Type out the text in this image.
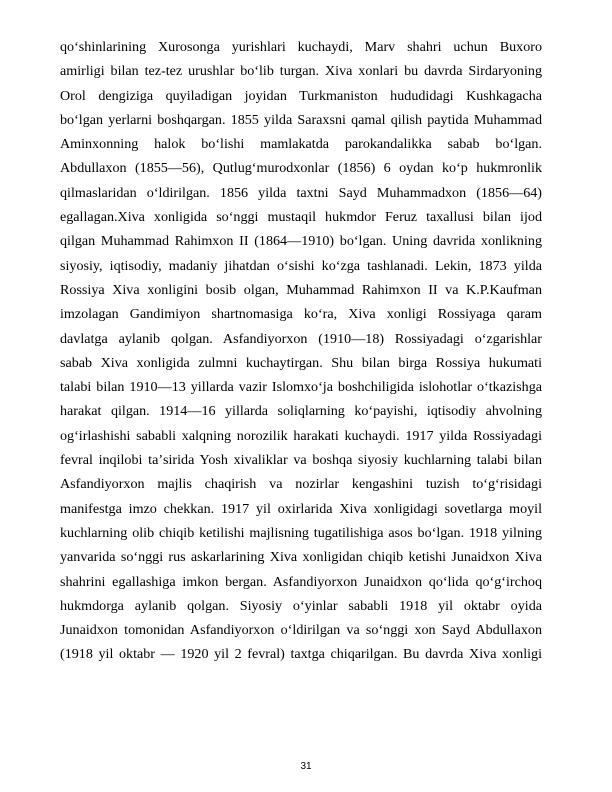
qoʻshinlarining Xurosonga yurishlari kuchaydi, Marv shahri uchun Buxoro
amirligi bilan tez-tez urushlar boʻlib turgan. Xiva xonlari bu davrda Sirdaryoning
Orol dengiziga quyiladigan joyidan Turkmaniston hududidagi Kushkagacha
boʻlgan yerlarni boshqargan. 1855 yilda Saraxsni qamal qilish paytida Muhammad
Aminxonning halok boʻlishi mamlakatda parokandalikka sabab boʻlgan.
Abdullaxon (1855—56), Qutlugʻmurodxonlar (1856) 6 oydan koʻp hukmronlik
qilmaslaridan oʻldirilgan. 1856 yilda taxtni Sayd Muhammadxon (1856—64)
egallagan.Xiva xonligida soʻnggi mustaqil hukmdor Feruz taxallusi bilan ijod
qilgan Muhammad Rahimxon II (1864—1910) boʻlgan. Uning davrida xonlikning
siyosiy, iqtisodiy, madaniy jihatdan oʻsishi koʻzga tashlanadi. Lekin, 1873 yilda
Rossiya Xiva xonligini bosib olgan, Muhammad Rahimxon II va K.P.Kaufman
imzolagan Gandimiyon shartnomasiga koʻra, Xiva xonligi Rossiyaga qaram
davlatga aylanib qolgan. Asfandiyorxon (1910—18) Rossiyadagi oʻzgarishlar
sabab Xiva xonligida zulmni kuchaytirgan. Shu bilan birga Rossiya hukumati
talabi bilan 1910—13 yillarda vazir Islomxoʻja boshchiligida islohotlar oʻtkazishga
harakat qilgan. 1914—16 yillarda soliqlarning koʻpayishi, iqtisodiy ahvolning
ogʻirlashishi sababli xalqning norozilik harakati kuchaydi. 1917 yilda Rossiyadagi
fevral inqilobi taʼsirida Yosh xivaliklar va boshqa siyosiy kuchlarning talabi bilan
Asfandiyorxon majlis chaqirish va nozirlar kengashini tuzish toʻgʻrisidagi
manifestga imzo chekkan. 1917 yil oxirlarida Xiva xonligidagi sovetlarga moyil
kuchlarning olib chiqib ketilishi majlisning tugatilishiga asos boʻlgan. 1918 yilning
yanvarida soʻnggi rus askarlarining Xiva xonligidan chiqib ketishi Junaidxon Xiva
shahrini egallashiga imkon bergan. Asfandiyorxon Junaidxon qoʻlida qoʻgʻirchoq
hukmdorga aylanib qolgan. Siyosiy oʻyinlar sababli 1918 yil oktabr oyida
Junaidxon tomonidan Asfandiyorxon oʻldirilgan va soʻnggi xon Sayd Abdullaxon
(1918 yil oktabr — 1920 yil 2 fevral) taxtga chiqarilgan. Bu davrda Xiva xonligi
31
